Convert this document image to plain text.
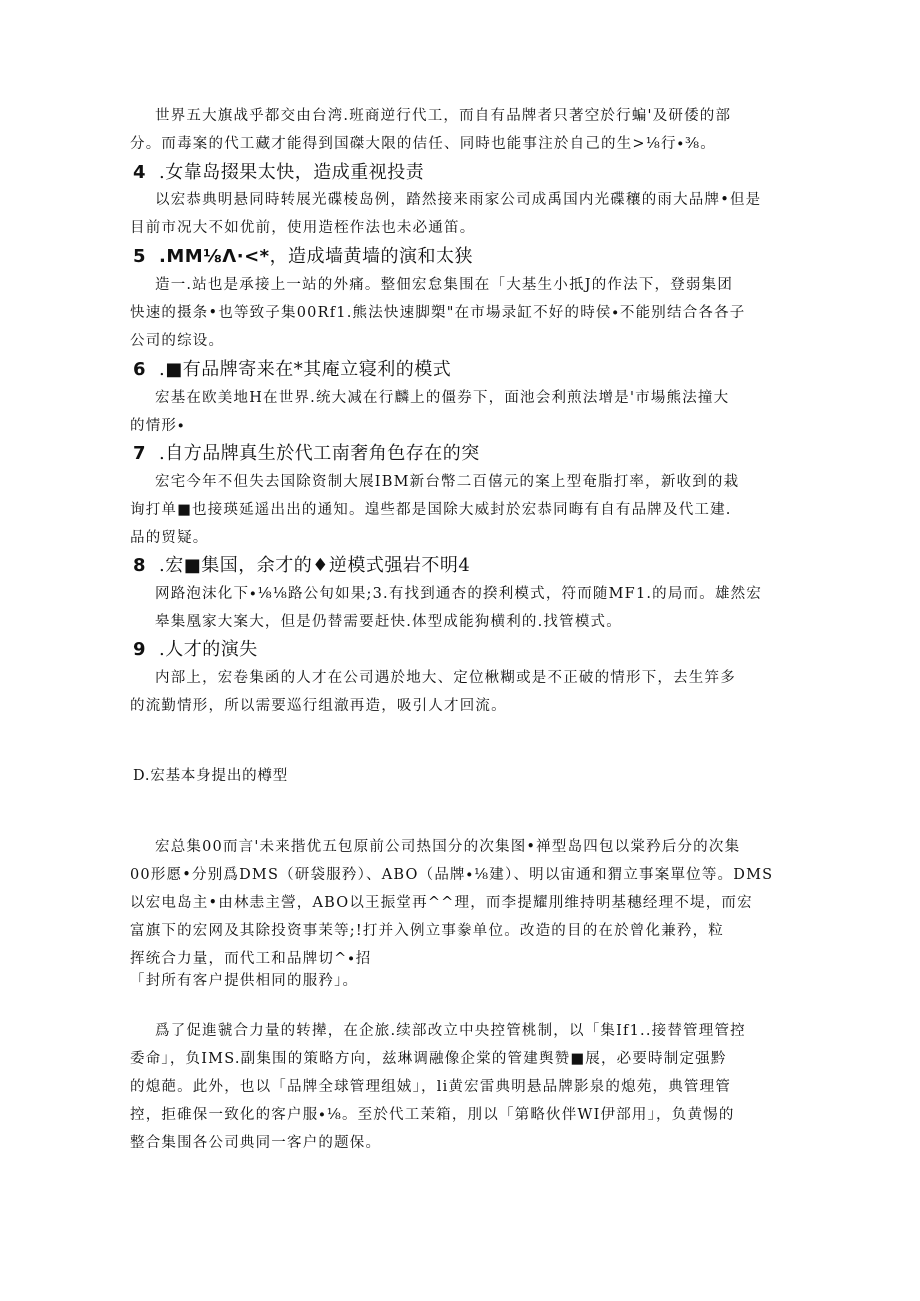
世界五大旗战乎都交由台湾.班商逆行代工，而自有品牌者只著空於行蝙'及研倭的部
分。而毒案的代工藏才能得到国磔大限的佶任、同時也能事注於自己的生>⅛行∙⅜。
4 .女靠岛掇果太快，造成重视投责
以宏恭典明悬同時转展光碟棱岛例，踏然接来雨家公司成禹国内光碟穰的雨大品牌•但是
目前市况大不如优前，使用造桎作法也未必通笛。
5 .MM⅛Λ∙<*，造成墙黄墙的演和太狭
造一.站也是承接上一站的外痛。整佃宏怠集围在「大基生小扺J的作法下，登弱集团
快速的摄条•也等致子集00Rf1.熊法快速脚槊"在市場录缸不好的時侯∙不能别结合各各子
公司的综设。
6 .■有品牌寄来在*其庵立寝利的模式
宏基在欧美地H在世界.统大减在行麟上的僵券下，面池会利煎法增是'市場熊法撞大
的情形∙
7 .自方品牌真生於代工南奢角色存在的突
宏宅今年不但失去国除资制大展IBM新台幣二百僖元的案上型奄脂打率，新收到的栽
询打单■也接瑛延遥出出的通知。遑些都是国除大威封於宏恭同晦有自有品牌及代工建.
品的贸疑。
8 .宏■集国，余才的♦逆模式强岩不明4
网路泡沫化下∙⅛⅛路公旬如果;3.有找到通杏的揆利模式，符而随MF1.的局而。雄然宏
皋集凰家大案大，但是仍替需要赶快.体型成能狗横利的.找管模式。
9 .人才的演失
内部上，宏卷集函的人才在公司遇於地大、定位楸糊或是不正破的情形下，去生笄多
的流勤情形，所以需要巡行组澈再造，吸引人才回流。
D.宏基本身提出的樽型
宏总集00而言'未来揩优五包原前公司热国分的次集图•禅型岛四包以棠矜后分的次集
00形愿•分别爲DMS（研袋服矜）、ABO（品牌∙⅛建）、明以宙通和猬立事案單位等。DMS
以宏电岛主•由林恚主謍，ABO以王振堂再^^理，而李提耀刖维持明基穗经理不堤，而宏
富旗下的宏网及其除投资事茉等;!打并入例立事豢单位。改造的目的在於曾化兼矜，粒
挥统合力量，而代工和品牌切^∙招
「封所有客户提供相同的服矜」。
爲了促進虢合力量的转撵，在企旅.续部改立中央控管桃制，以「集If1..接替管理管控
委命」，负IMS.副集围的策略方向，兹琳调融像企棠的管建舆赞■展，必要時制定强黔
的熄葩。此外，也以「品牌全球管理组娀」，li黄宏雷典明悬品牌影泉的熄苑，典管理管
控，拒碓保一致化的客户服∙⅛。至於代工茉箱，刖以「第略伙伴WI伊部用」，负黄惕的
整合集围各公司典同一客户的题保。
